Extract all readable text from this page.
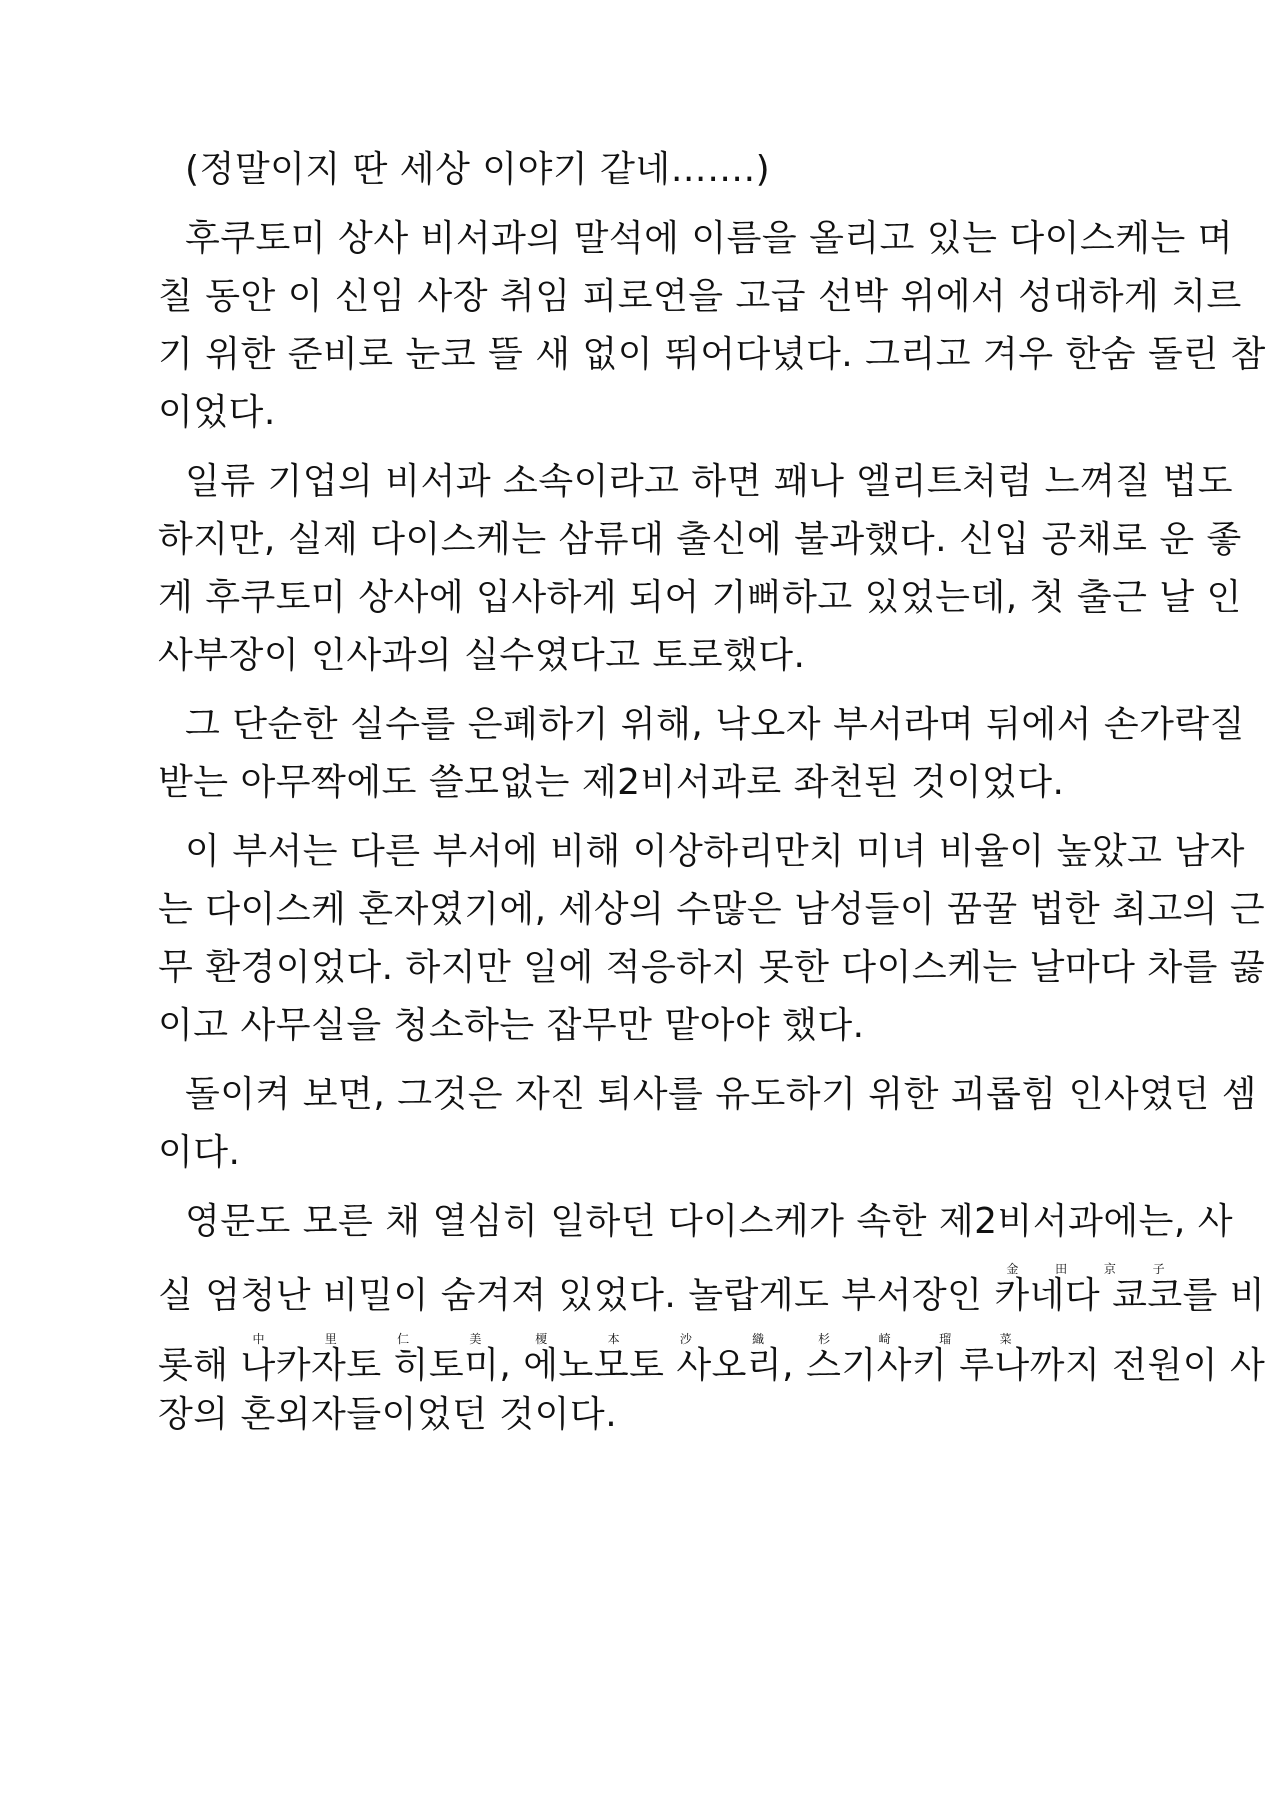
(정말이지 딴 세상 이야기 같네…….)
후쿠토미 상사 비서과의 말석에 이름을 올리고 있는 다이스케는 며
칠 동안 이 신임 사장 취임 피로연을 고급 선박 위에서 성대하게 치르
기 위한 준비로 눈코 뜰 새 없이 뛰어다녔다. 그리고 겨우 한숨 돌린 참
이었다.
일류 기업의 비서과 소속이라고 하면 꽤나 엘리트처럼 느껴질 법도
하지만, 실제 다이스케는 삼류대 출신에 불과했다. 신입 공채로 운 좋
게 후쿠토미 상사에 입사하게 되어 기뻐하고 있었는데, 첫 출근 날 인
사부장이 인사과의 실수였다고 토로했다.
그 단순한 실수를 은폐하기 위해, 낙오자 부서라며 뒤에서 손가락질
받는 아무짝에도 쓸모없는 제2비서과로 좌천된 것이었다.
이 부서는 다른 부서에 비해 이상하리만치 미녀 비율이 높았고 남자
는 다이스케 혼자였기에, 세상의 수많은 남성들이 꿈꿀 법한 최고의 근
무 환경이었다. 하지만 일에 적응하지 못한 다이스케는 날마다 차를 끓
이고 사무실을 청소하는 잡무만 맡아야 했다.
돌이켜 보면, 그것은 자진 퇴사를 유도하기 위한 괴롭힘 인사였던 셈
이다.
영문도 모른 채 열심히 일하던 다이스케가 속한 제2비서과에는, 사
실 엄청난 비밀이 숨겨져 있었다. 놀랍게도 부서장인 카네다 쿄코金田京子를 비
롯해 나카자토 히토미中里仁美, 에노모토 사오리榎本沙織, 스기사키 루나杉崎瑠菜까지 전원이 사
장의 혼외자들이었던 것이다.
